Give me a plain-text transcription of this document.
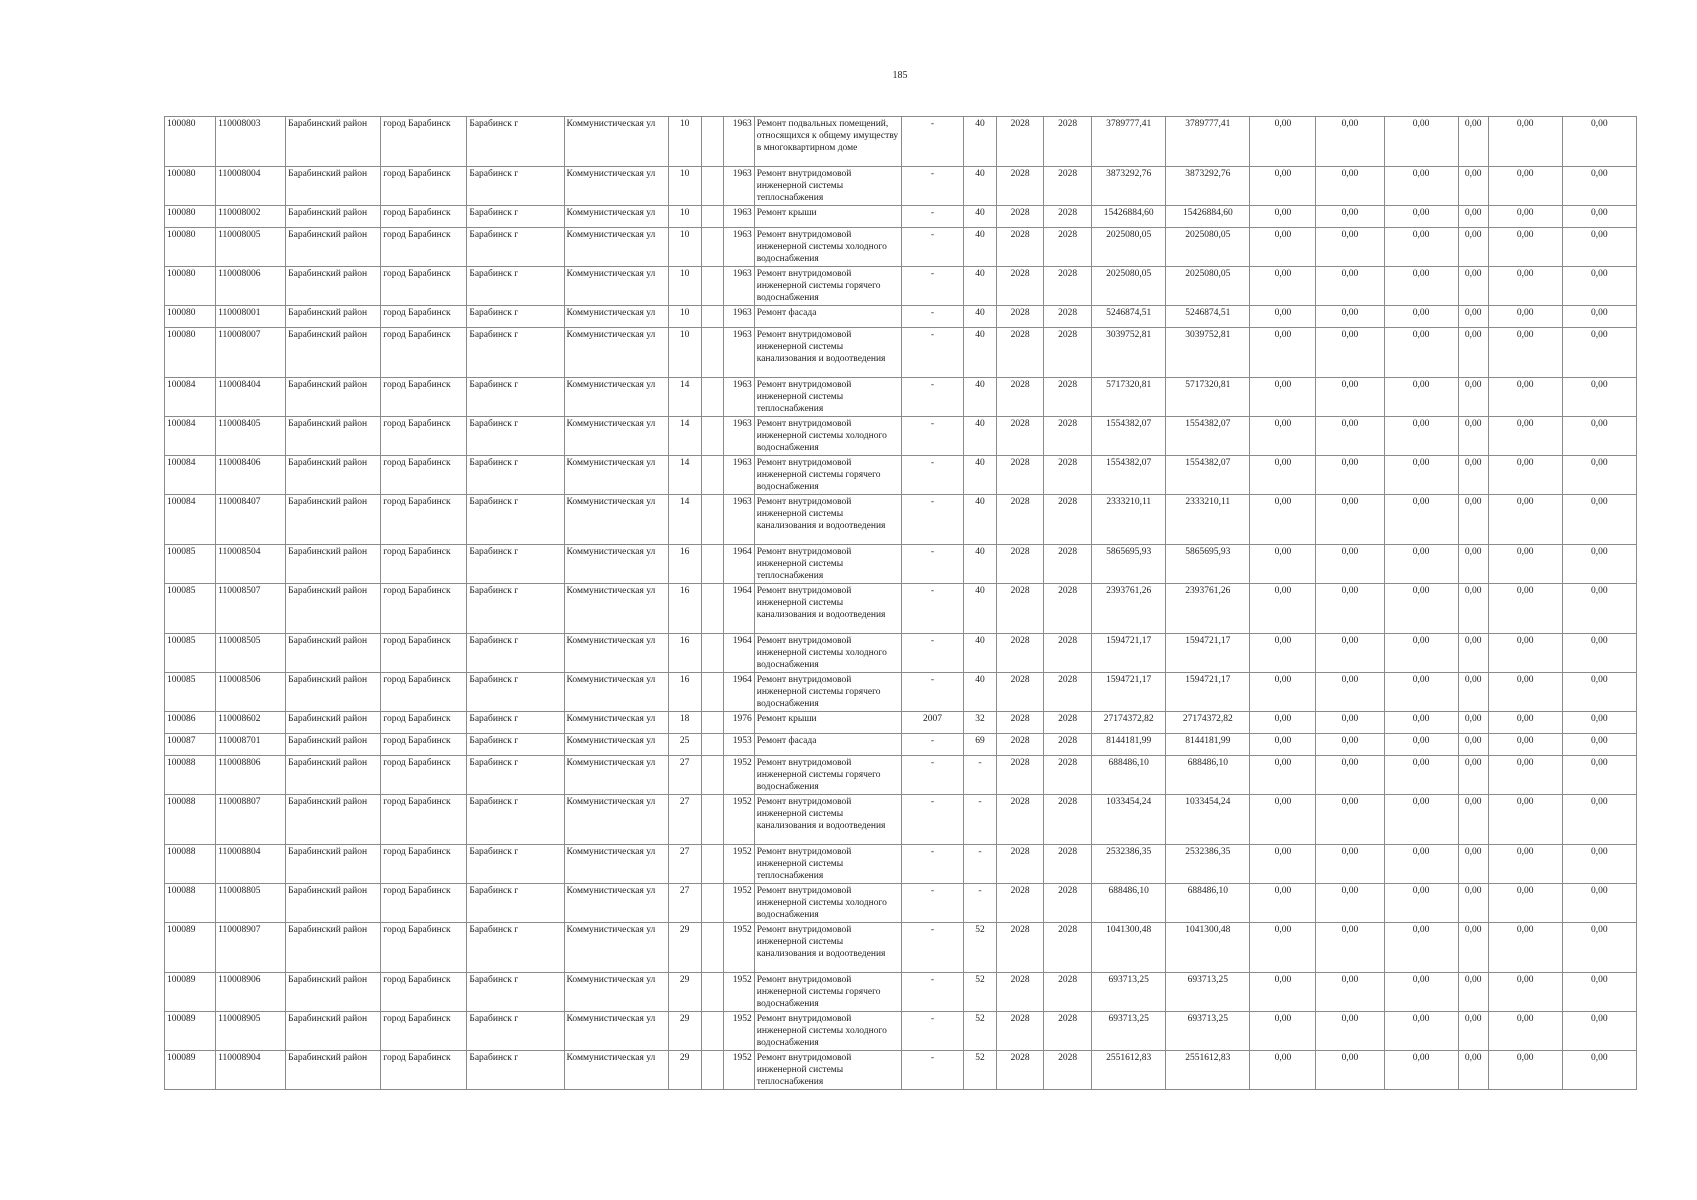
185
100080	110008003	Барабинский район	город Барабинск	Барабинск г	Коммунистическая ул	10		1963	Ремонт подвальных помещений, относящихся к общему имуществу в многоквартирном доме	-	40	2028	2028	3789777,41	3789777,41	0,00	0,00	0,00	0,00	0,00	0,00
100080	110008004	Барабинский район	город Барабинск	Барабинск г	Коммунистическая ул	10		1963	Ремонт внутридомовой инженерной системы теплоснабжения	-	40	2028	2028	3873292,76	3873292,76	0,00	0,00	0,00	0,00	0,00	0,00
100080	110008002	Барабинский район	город Барабинск	Барабинск г	Коммунистическая ул	10		1963	Ремонт крыши	-	40	2028	2028	15426884,60	15426884,60	0,00	0,00	0,00	0,00	0,00	0,00
100080	110008005	Барабинский район	город Барабинск	Барабинск г	Коммунистическая ул	10		1963	Ремонт внутридомовой инженерной системы холодного водоснабжения	-	40	2028	2028	2025080,05	2025080,05	0,00	0,00	0,00	0,00	0,00	0,00
100080	110008006	Барабинский район	город Барабинск	Барабинск г	Коммунистическая ул	10		1963	Ремонт внутридомовой инженерной системы горячего водоснабжения	-	40	2028	2028	2025080,05	2025080,05	0,00	0,00	0,00	0,00	0,00	0,00
100080	110008001	Барабинский район	город Барабинск	Барабинск г	Коммунистическая ул	10		1963	Ремонт фасада	-	40	2028	2028	5246874,51	5246874,51	0,00	0,00	0,00	0,00	0,00	0,00
100080	110008007	Барабинский район	город Барабинск	Барабинск г	Коммунистическая ул	10		1963	Ремонт внутридомовой инженерной системы канализования и водоотведения	-	40	2028	2028	3039752,81	3039752,81	0,00	0,00	0,00	0,00	0,00	0,00
100084	110008404	Барабинский район	город Барабинск	Барабинск г	Коммунистическая ул	14		1963	Ремонт внутридомовой инженерной системы теплоснабжения	-	40	2028	2028	5717320,81	5717320,81	0,00	0,00	0,00	0,00	0,00	0,00
100084	110008405	Барабинский район	город Барабинск	Барабинск г	Коммунистическая ул	14		1963	Ремонт внутридомовой инженерной системы холодного водоснабжения	-	40	2028	2028	1554382,07	1554382,07	0,00	0,00	0,00	0,00	0,00	0,00
100084	110008406	Барабинский район	город Барабинск	Барабинск г	Коммунистическая ул	14		1963	Ремонт внутридомовой инженерной системы горячего водоснабжения	-	40	2028	2028	1554382,07	1554382,07	0,00	0,00	0,00	0,00	0,00	0,00
100084	110008407	Барабинский район	город Барабинск	Барабинск г	Коммунистическая ул	14		1963	Ремонт внутридомовой инженерной системы канализования и водоотведения	-	40	2028	2028	2333210,11	2333210,11	0,00	0,00	0,00	0,00	0,00	0,00
100085	110008504	Барабинский район	город Барабинск	Барабинск г	Коммунистическая ул	16		1964	Ремонт внутридомовой инженерной системы теплоснабжения	-	40	2028	2028	5865695,93	5865695,93	0,00	0,00	0,00	0,00	0,00	0,00
100085	110008507	Барабинский район	город Барабинск	Барабинск г	Коммунистическая ул	16		1964	Ремонт внутридомовой инженерной системы канализования и водоотведения	-	40	2028	2028	2393761,26	2393761,26	0,00	0,00	0,00	0,00	0,00	0,00
100085	110008505	Барабинский район	город Барабинск	Барабинск г	Коммунистическая ул	16		1964	Ремонт внутридомовой инженерной системы холодного водоснабжения	-	40	2028	2028	1594721,17	1594721,17	0,00	0,00	0,00	0,00	0,00	0,00
100085	110008506	Барабинский район	город Барабинск	Барабинск г	Коммунистическая ул	16		1964	Ремонт внутридомовой инженерной системы горячего водоснабжения	-	40	2028	2028	1594721,17	1594721,17	0,00	0,00	0,00	0,00	0,00	0,00
100086	110008602	Барабинский район	город Барабинск	Барабинск г	Коммунистическая ул	18		1976	Ремонт крыши	2007	32	2028	2028	27174372,82	27174372,82	0,00	0,00	0,00	0,00	0,00	0,00
100087	110008701	Барабинский район	город Барабинск	Барабинск г	Коммунистическая ул	25		1953	Ремонт фасада	-	69	2028	2028	8144181,99	8144181,99	0,00	0,00	0,00	0,00	0,00	0,00
100088	110008806	Барабинский район	город Барабинск	Барабинск г	Коммунистическая ул	27		1952	Ремонт внутридомовой инженерной системы горячего водоснабжения	-	-	2028	2028	688486,10	688486,10	0,00	0,00	0,00	0,00	0,00	0,00
100088	110008807	Барабинский район	город Барабинск	Барабинск г	Коммунистическая ул	27		1952	Ремонт внутридомовой инженерной системы канализования и водоотведения	-	-	2028	2028	1033454,24	1033454,24	0,00	0,00	0,00	0,00	0,00	0,00
100088	110008804	Барабинский район	город Барабинск	Барабинск г	Коммунистическая ул	27		1952	Ремонт внутридомовой инженерной системы теплоснабжения	-	-	2028	2028	2532386,35	2532386,35	0,00	0,00	0,00	0,00	0,00	0,00
100088	110008805	Барабинский район	город Барабинск	Барабинск г	Коммунистическая ул	27		1952	Ремонт внутридомовой инженерной системы холодного водоснабжения	-	-	2028	2028	688486,10	688486,10	0,00	0,00	0,00	0,00	0,00	0,00
100089	110008907	Барабинский район	город Барабинск	Барабинск г	Коммунистическая ул	29		1952	Ремонт внутридомовой инженерной системы канализования и водоотведения	-	52	2028	2028	1041300,48	1041300,48	0,00	0,00	0,00	0,00	0,00	0,00
100089	110008906	Барабинский район	город Барабинск	Барабинск г	Коммунистическая ул	29		1952	Ремонт внутридомовой инженерной системы горячего водоснабжения	-	52	2028	2028	693713,25	693713,25	0,00	0,00	0,00	0,00	0,00	0,00
100089	110008905	Барабинский район	город Барабинск	Барабинск г	Коммунистическая ул	29		1952	Ремонт внутридомовой инженерной системы холодного водоснабжения	-	52	2028	2028	693713,25	693713,25	0,00	0,00	0,00	0,00	0,00	0,00
100089	110008904	Барабинский район	город Барабинск	Барабинск г	Коммунистическая ул	29		1952	Ремонт внутридомовой инженерной системы теплоснабжения	-	52	2028	2028	2551612,83	2551612,83	0,00	0,00	0,00	0,00	0,00	0,00
